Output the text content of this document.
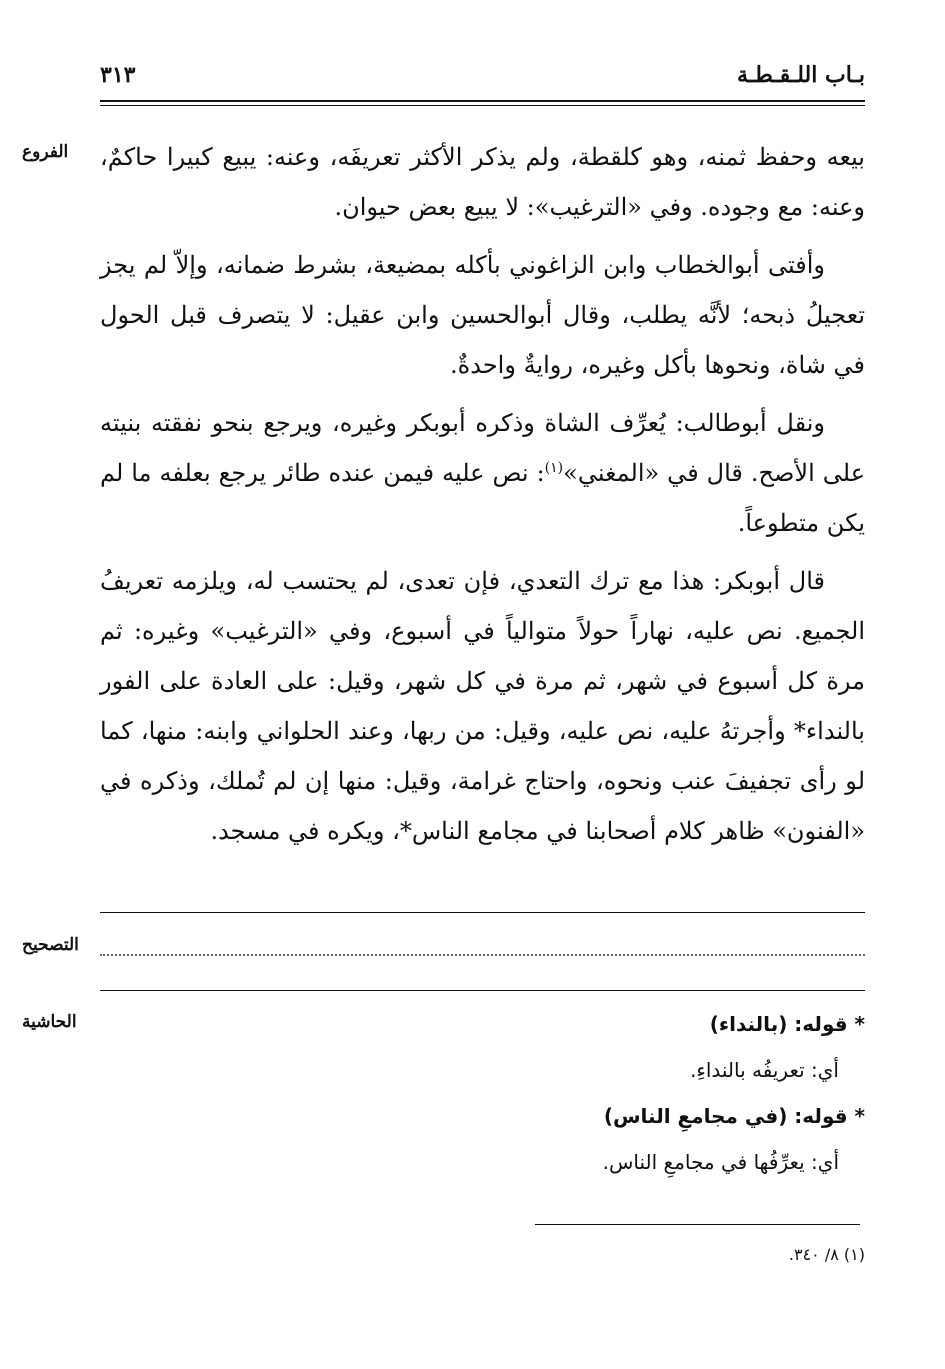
بـاب اللـقـطـة
٣١٣
الفروع	بيعه وحفظ ثمنه، وهو كلقطة، ولم يذكر الأكثر تعريفَه، وعنه: يبيع كبيرا حاكمٌ، وعنه: مع وجوده. وفي «الترغيب»: لا يبيع بعض حيوان.

وأفتى أبوالخطاب وابن الزاغوني بأكله بمضيعة، بشرط ضمانه، وإلاّ لم يجز تعجيلُ ذبحه؛ لأنَّه يطلب، وقال أبوالحسين وابن عقيل: لا يتصرف قبل الحول في شاة، ونحوها بأكل وغيره، روايةٌ واحدةٌ.

ونقل أبوطالب: يُعرِّف الشاة وذكره أبوبكر وغيره، ويرجع بنحو نفقته بنيته على الأصح. قال في «المغني»$^{(١)}$: نص عليه فيمن عنده طائر يرجع بعلفه ما لم يكن متطوعاً.

قال أبوبكر: هذا مع ترك التعدي، فإن تعدى، لم يحتسب له، ويلزمه تعريفُ الجميع. نص عليه، نهاراً حولاً متوالياً في أسبوع، وفي «الترغيب» وغيره: ثم مرة كل أسبوع في شهر، ثم مرة في كل شهر، وقيل: على العادة على الفور بالنداء* وأجرتهُ عليه، نص عليه، وقيل: من ربها، وعند الحلواني وابنه: منها، كما لو رأى تجفيفَ عنب ونحوه، واحتاج غرامة، وقيل: منها إن لم تُملك، وذكره في «الفنون» ظاهر كلام أصحابنا في مجامع الناس*، ويكره في مسجد.

التصحيح
الحاشية	* قوله: (بالنداء)

أي: تعريفُه بالنداءِ.

* قوله: (في مجامعِ الناس)

أي: يعرِّفُها في مجامعِ الناس.

(١) ٨/ ٣٤٠.
